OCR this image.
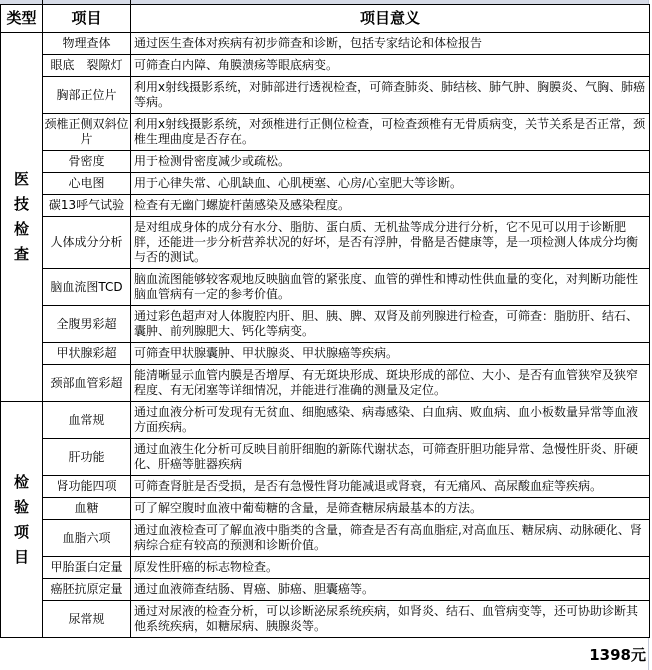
类型	项目	项目意义

医技检查	物理查体	通过医生查体对疾病有初步筛查和诊断，包括专家结论和体检报告
	眼底　裂隙灯	可筛查白内障、角膜溃疡等眼底病变。
	胸部正位片	利用x射线摄影系统，对肺部进行透视检查，可筛查肺炎、肺结核、肺气肿、胸膜炎、气胸、肺癌等病。
	颈椎正侧双斜位片	利用x射线摄影系统，对颈椎进行正侧位检查，可检查颈椎有无骨质病变，关节关系是否正常，颈椎生理曲度是否存在。
	骨密度	用于检测骨密度减少或疏松。
	心电图	用于心律失常、心肌缺血、心肌梗塞、心房/心室肥大等诊断。
	碳13呼气试验	检查有无幽门螺旋杆菌感染及感染程度。
	人体成分分析	是对组成身体的成分有水分、脂肪、蛋白质、无机盐等成分进行分析，它不见可以用于诊断肥胖，还能进一步分析营养状况的好坏，是否有浮肿，骨骼是否健康等，是一项检测人体成分均衡与否的测试。
	脑血流图TCD	脑血流图能够较客观地反映脑血管的紧张度、血管的弹性和博动性供血量的变化，对判断功能性脑血管病有一定的参考价值。
	全腹男彩超	通过彩色超声对人体腹腔内肝、胆、胰、脾、双肾及前列腺进行检查，可筛查：脂肪肝、结石、囊肿、前列腺肥大、钙化等病变。
	甲状腺彩超	可筛查甲状腺囊肿、甲状腺炎、甲状腺癌等疾病。
	颈部血管彩超	能清晰显示血管内膜是否增厚、有无斑块形成、斑块形成的部位、大小、是否有血管狭窄及狭窄程度、有无闭塞等详细情况，并能进行准确的测量及定位。

检验项目	血常规	通过血液分析可发现有无贫血、细胞感染、病毒感染、白血病、败血病、血小板数量异常等血液方面疾病。
	肝功能	通过血液生化分析可反映目前肝细胞的新陈代谢状态，可筛查肝胆功能异常、急慢性肝炎、肝硬化、肝癌等脏器疾病
	肾功能四项	可筛查肾脏是否受损，是否有急慢性肾功能减退或肾衰，有无痛风、高尿酸血症等疾病。
	血糖	可了解空腹时血液中葡萄糖的含量，是筛查糖尿病最基本的方法。
	血脂六项	通过血液检查可了解血液中脂类的含量，筛查是否有高血脂症,对高血压、糖尿病、动脉硬化、肾病综合症有较高的预测和诊断价值。
	甲胎蛋白定量	原发性肝癌的标志物检查。
	癌胚抗原定量	通过血液筛查结肠、胃癌、肺癌、胆囊癌等。
	尿常规	通过对尿液的检查分析，可以诊断泌尿系统疾病，如肾炎、结石、血管病变等，还可协助诊断其他系统疾病，如糖尿病、胰腺炎等。
1398元
